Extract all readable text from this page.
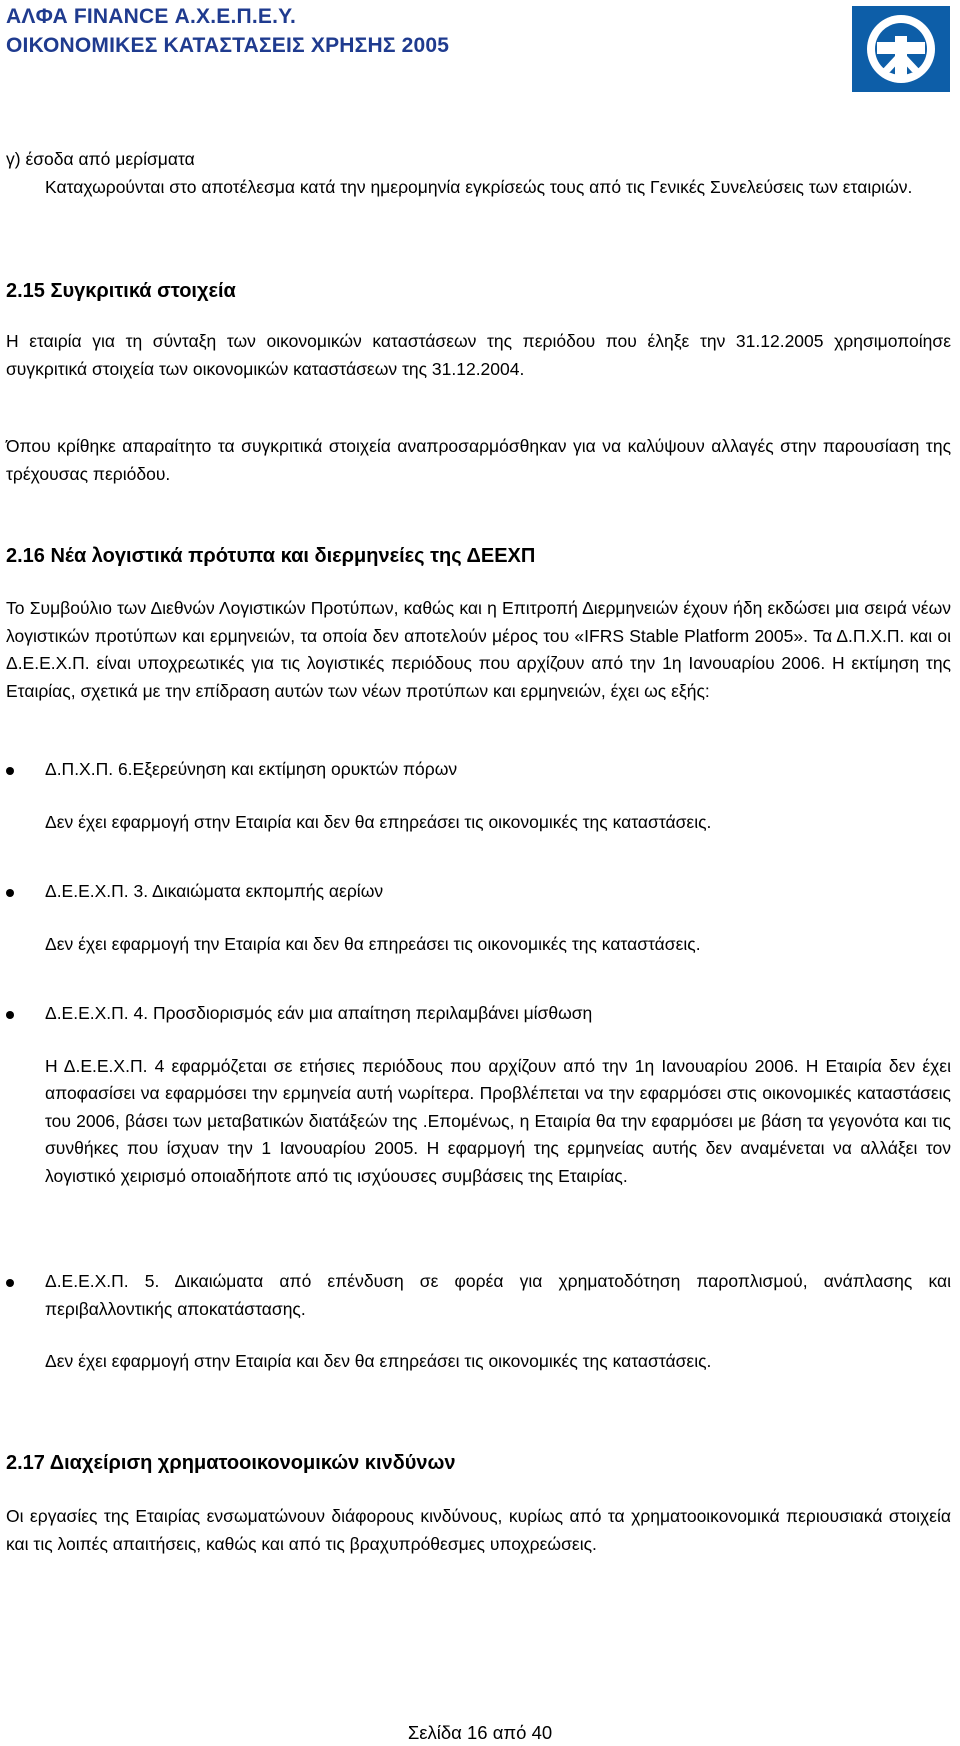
ΑΛΦΑ FINANCE Α.Χ.Ε.Π.Ε.Υ.
ΟΙΚΟΝΟΜΙΚΕΣ ΚΑΤΑΣΤΑΣΕΙΣ ΧΡΗΣΗΣ 2005

γ) έσοδα από μερίσματα

Καταχωρούνται στο αποτέλεσμα κατά την ημερομηνία εγκρίσεώς τους από τις Γενικές Συνελεύσεις των εταιριών.

2.15 Συγκριτικά στοιχεία

Η εταιρία για τη σύνταξη των οικονομικών καταστάσεων της περιόδου που έληξε την 31.12.2005 χρησιμοποίησε συγκριτικά στοιχεία των οικονομικών καταστάσεων της 31.12.2004.
Όπου κρίθηκε απαραίτητο τα συγκριτικά στοιχεία αναπροσαρμόσθηκαν για να καλύψουν αλλαγές στην παρουσίαση της τρέχουσας περιόδου.

2.16 Νέα λογιστικά πρότυπα και διερμηνείες της ΔΕΕΧΠ

Το Συμβούλιο των Διεθνών Λογιστικών Προτύπων, καθώς και η Επιτροπή Διερμηνειών έχουν ήδη εκδώσει μια σειρά νέων λογιστικών προτύπων και ερμηνειών, τα οποία δεν αποτελούν μέρος του «IFRS Stable Platform 2005». Τα Δ.Π.Χ.Π. και οι Δ.Ε.Ε.Χ.Π. είναι υποχρεωτικές για τις λογιστικές περιόδους που αρχίζουν από την 1η Ιανουαρίου 2006. Η εκτίμηση της Εταιρίας, σχετικά με την επίδραση αυτών των νέων προτύπων και ερμηνειών, έχει ως εξής:

Δ.Π.Χ.Π. 6.Εξερεύνηση και εκτίμηση ορυκτών πόρων

Δεν έχει εφαρμογή στην Εταιρία και δεν θα επηρεάσει τις οικονομικές της καταστάσεις.

Δ.Ε.Ε.Χ.Π. 3. Δικαιώματα εκπομπής αερίων

Δεν έχει εφαρμογή την Εταιρία και δεν θα επηρεάσει τις οικονομικές της καταστάσεις.

Δ.Ε.Ε.Χ.Π. 4. Προσδιορισμός εάν μια απαίτηση περιλαμβάνει μίσθωση

Η Δ.Ε.Ε.Χ.Π. 4 εφαρμόζεται σε ετήσιες περιόδους που αρχίζουν από την 1η Ιανουαρίου 2006. Η Εταιρία δεν έχει αποφασίσει να εφαρμόσει την ερμηνεία αυτή νωρίτερα. Προβλέπεται να την εφαρμόσει στις οικονομικές καταστάσεις του 2006, βάσει των μεταβατικών διατάξεών της .Επομένως, η Εταιρία θα την εφαρμόσει με βάση τα γεγονότα και τις συνθήκες που ίσχυαν την 1 Ιανουαρίου 2005. Η εφαρμογή της ερμηνείας αυτής δεν αναμένεται να αλλάξει τον λογιστικό χειρισμό οποιαδήποτε από τις ισχύουσες συμβάσεις της Εταιρίας.

Δ.Ε.Ε.Χ.Π. 5. Δικαιώματα από επένδυση σε φορέα για χρηματοδότηση παροπλισμού, ανάπλασης και περιβαλλοντικής αποκατάστασης.

Δεν έχει εφαρμογή στην Εταιρία και δεν θα επηρεάσει τις οικονομικές της καταστάσεις.

2.17 Διαχείριση χρηματοοικονομικών κινδύνων

Οι εργασίες της Εταιρίας ενσωματώνουν διάφορους κινδύνους, κυρίως από τα χρηματοοικονομικά περιουσιακά στοιχεία και τις λοιπές απαιτήσεις, καθώς και από τις βραχυπρόθεσμες υποχρεώσεις.
Σελίδα 16 από 40
